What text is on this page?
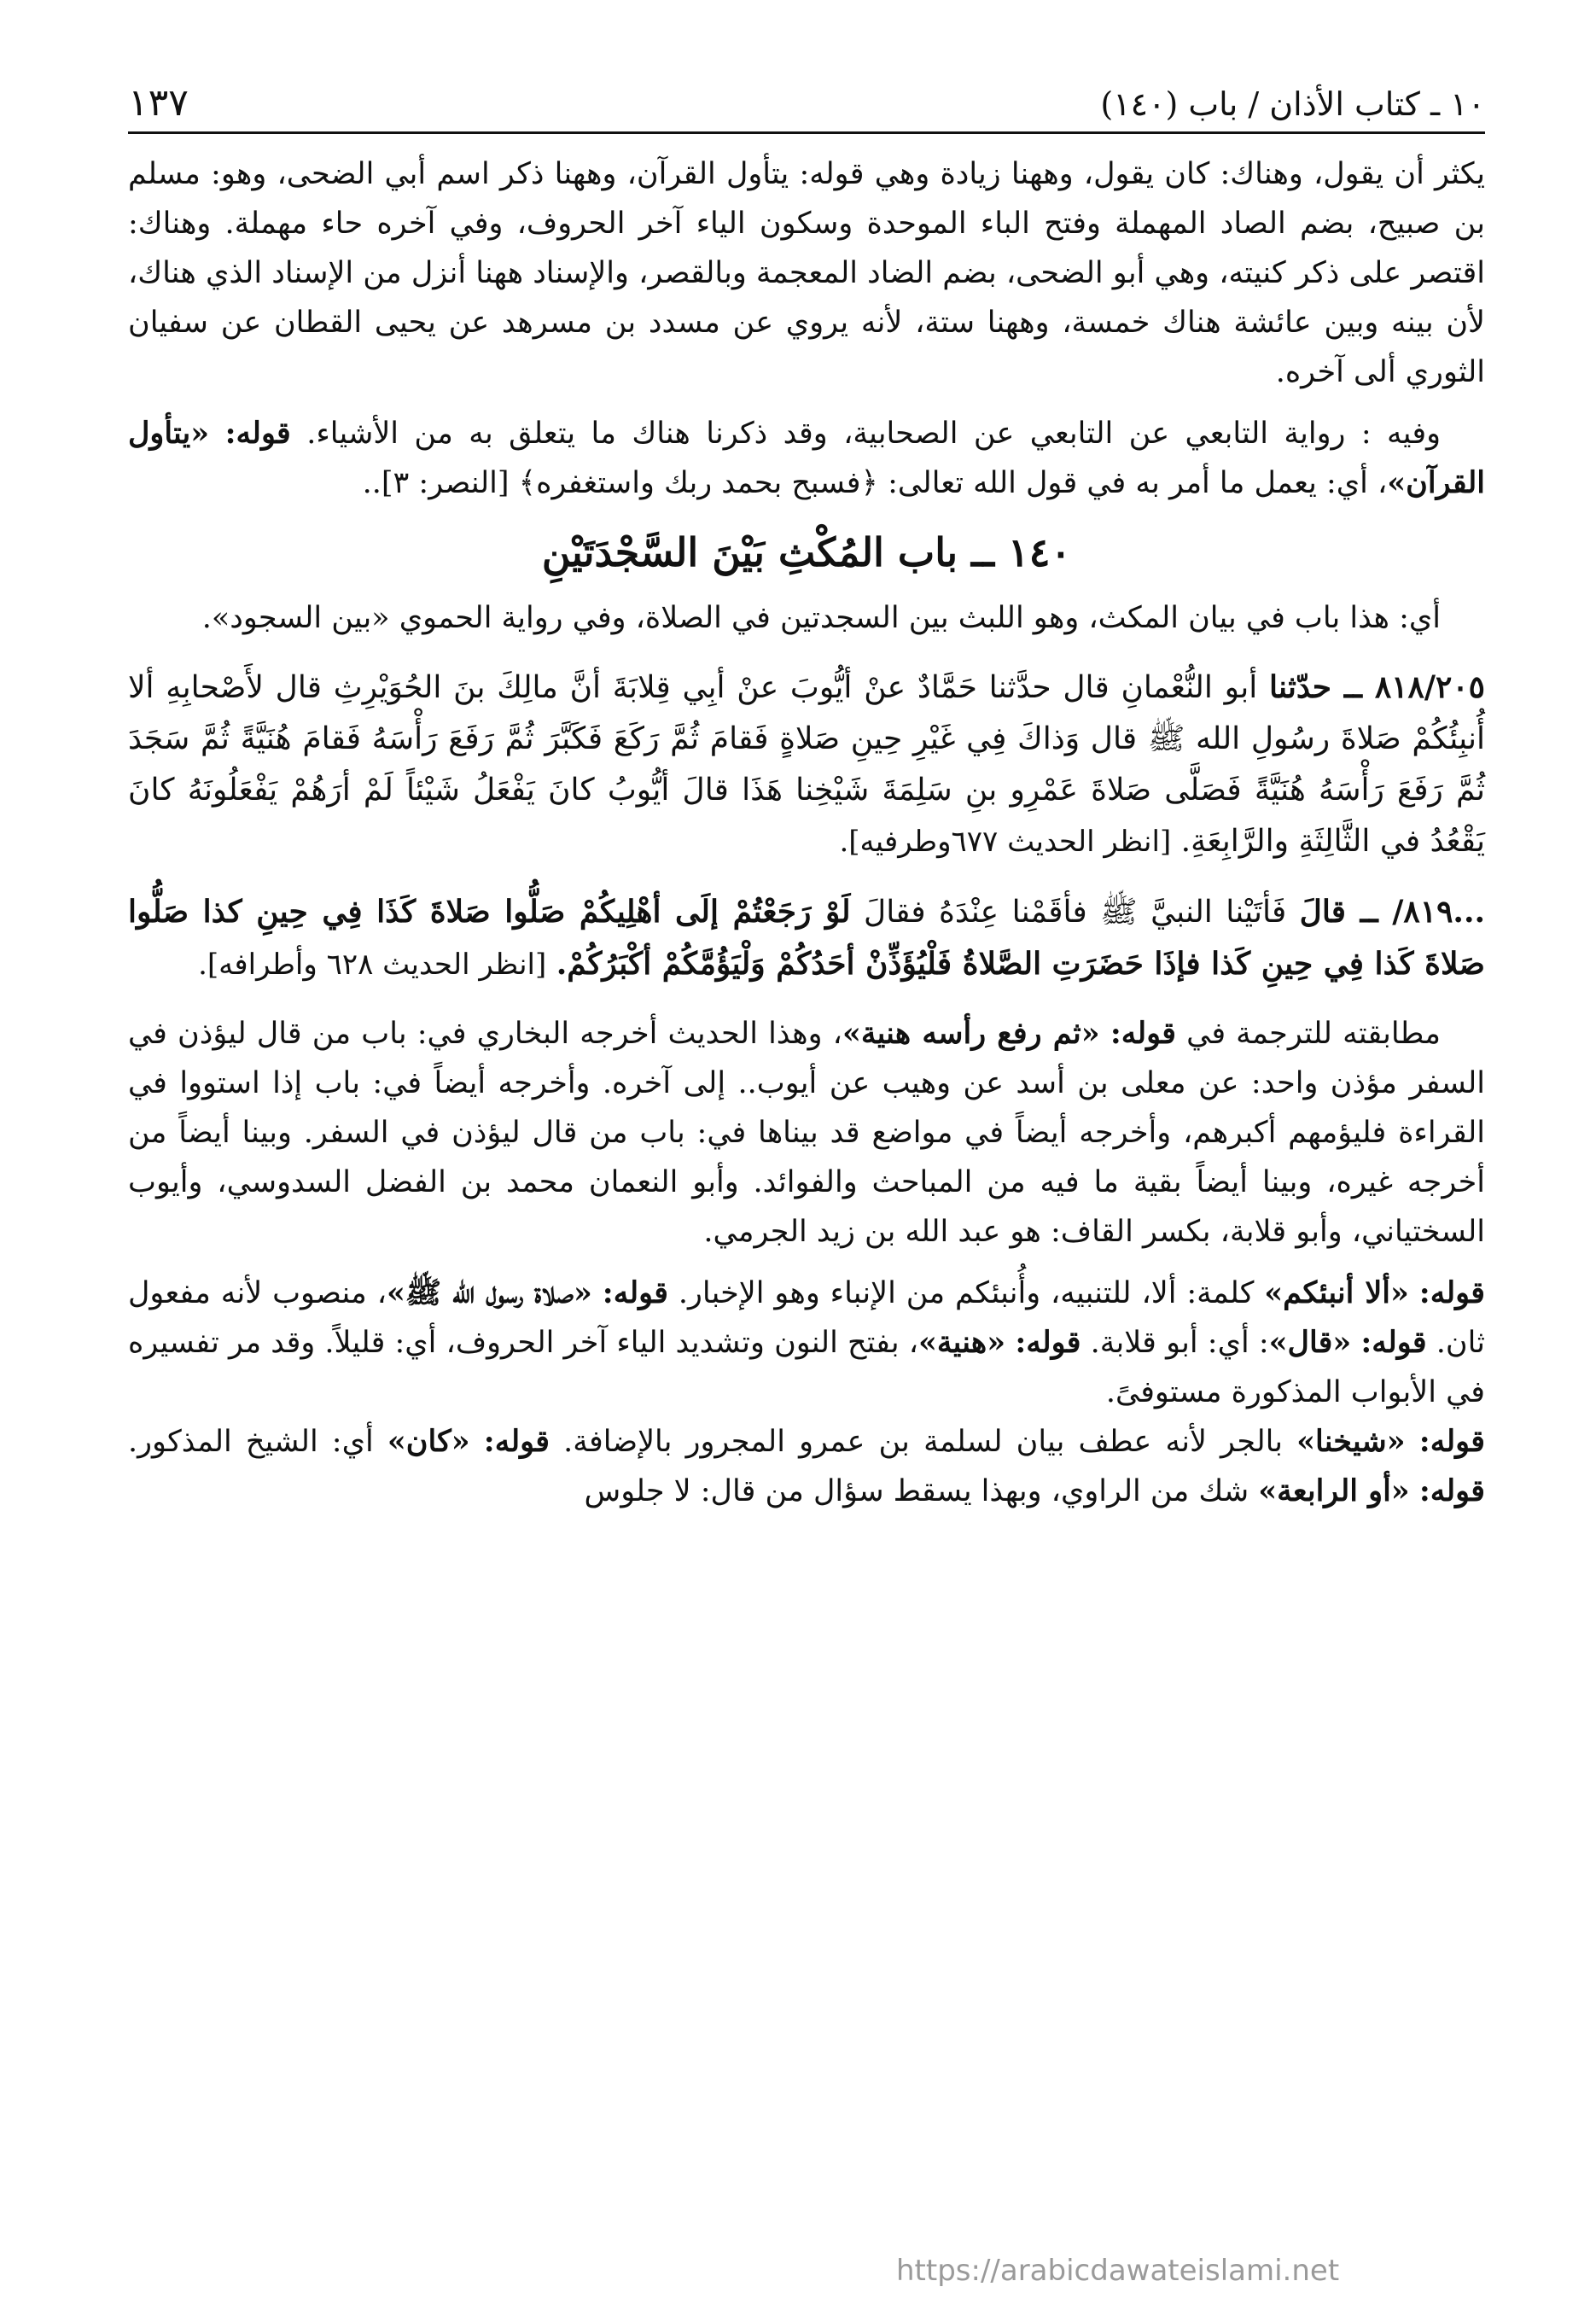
١٠ ـ كتاب الأذان / باب (١٤٠)
١٣٧

يكثر أن يقول، وهناك: كان يقول، وههنا زيادة وهي قوله: يتأول القرآن، وههنا ذكر اسم أبي الضحى، وهو: مسلم بن صبيح، بضم الصاد المهملة وفتح الباء الموحدة وسكون الياء آخر الحروف، وفي آخره حاء مهملة. وهناك: اقتصر على ذكر كنيته، وهي أبو الضحى، بضم الضاد المعجمة وبالقصر، والإسناد ههنا أنزل من الإسناد الذي هناك، لأن بينه وبين عائشة هناك خمسة، وههنا ستة، لأنه يروي عن مسدد بن مسرهد عن يحيى القطان عن سفيان الثوري ألى آخره.

وفيه : رواية التابعي عن التابعي عن الصحابية، وقد ذكرنا هناك ما يتعلق به من الأشياء. قوله: «يتأول القرآن»، أي: يعمل ما أمر به في قول الله تعالى: ﴿فسبح بحمد ربك واستغفره﴾ [النصر: ٣]..

١٤٠ ــ باب المُكْثِ بَيْنَ السَّجْدَتَيْنِ

أي: هذا باب في بيان المكث، وهو اللبث بين السجدتين في الصلاة، وفي رواية الحموي «بين السجود».

٨١٨/٢٠٥ ــ حدّثنا أبو النُّعْمانِ قال حدَّثنا حَمَّادٌ عنْ أيُّوبَ عنْ أبِي قِلابَةَ أنَّ مالِكَ بنَ الحُوَيْرِثِ قال لأَصْحابِهِ ألا أُنبِئُكُمْ صَلاةَ رسُولِ الله ﷺ قال وَذاكَ فِي غَيْرِ حِينِ صَلاةٍ فَقامَ ثُمَّ رَكَعَ فَكَبَّرَ ثُمَّ رَفَعَ رَأْسَهُ فَقامَ هُنَيَّةً ثُمَّ سَجَدَ ثُمَّ رَفَعَ رَأْسَهُ هُنَيَّةً فَصَلَّى صَلاةَ عَمْرِو بنِ سَلِمَةَ شَيْخِنا هَذَا قالَ أيُّوبُ كانَ يَفْعَلُ شَيْئاً لَمْ أرَهُمْ يَفْعَلُونَهُ كانَ يَقْعُدُ في الثَّالِثَةِ والرَّابِعَةِ. [انظر الحديث ٦٧٧وطرفيه].

...٨١٩/ ــ قالَ فَأتَيْنا النبيَّ ﷺ فأقَمْنا عِنْدَهُ فقالَ لَوْ رَجَعْتُمْ إلَى أهْلِيكُمْ صَلُّوا صَلاةَ كَذَا فِي حِينِ كذا صَلُّوا صَلاةَ كَذا فِي حِينِ كَذا فإذَا حَضَرَتِ الصَّلاةُ فَلْيُؤَذِّنْ أحَدُكُمْ وَلْيَؤُمَّكُمْ أكْبَرُكُمْ. [انظر الحديث ٦٢٨ وأطرافه].

مطابقته للترجمة في قوله: «ثم رفع رأسه هنية»، وهذا الحديث أخرجه البخاري في: باب من قال ليؤذن في السفر مؤذن واحد: عن معلى بن أسد عن وهيب عن أيوب.. إلى آخره. وأخرجه أيضاً في: باب إذا استووا في القراءة فليؤمهم أكبرهم، وأخرجه أيضاً في مواضع قد بيناها في: باب من قال ليؤذن في السفر. وبينا أيضاً من أخرجه غيره، وبينا أيضاً بقية ما فيه من المباحث والفوائد. وأبو النعمان محمد بن الفضل السدوسي، وأيوب السختياني، وأبو قلابة، بكسر القاف: هو عبد الله بن زيد الجرمي.

قوله: «ألا أنبئكم» كلمة: ألا، للتنبيه، وأُنبئكم من الإنباء وهو الإخبار. قوله: «صلاة رسول الله ﷺ»، منصوب لأنه مفعول ثان. قوله: «قال»: أي: أبو قلابة. قوله: «هنية»، بفتح النون وتشديد الياء آخر الحروف، أي: قليلاً. وقد مر تفسيره في الأبواب المذكورة مستوفىً.

قوله: «شيخنا» بالجر لأنه عطف بيان لسلمة بن عمرو المجرور بالإضافة. قوله: «كان» أي: الشيخ المذكور. قوله: «أو الرابعة» شك من الراوي، وبهذا يسقط سؤال من قال: لا جلوس

https://arabicdawateislami.net
